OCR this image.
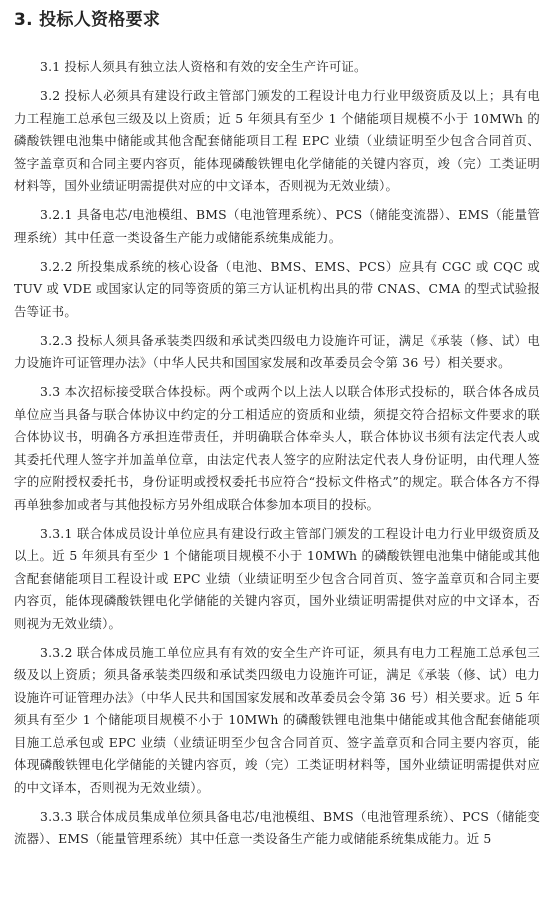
3. 投标人资格要求

3.1 投标人须具有独立法人资格和有效的安全生产许可证。

3.2 投标人必须具有建设行政主管部门颁发的工程设计电力行业甲级资质及以上；具有电力工程施工总承包三级及以上资质；近 5 年须具有至少 1 个储能项目规模不小于 10MWh 的磷酸铁锂电池集中储能或其他含配套储能项目工程 EPC 业绩（业绩证明至少包含合同首页、签字盖章页和合同主要内容页，能体现磷酸铁锂电化学储能的关键内容页，竣（完）工类证明材料等，国外业绩证明需提供对应的中文译本，否则视为无效业绩）。

3.2.1 具备电芯/电池模组、BMS（电池管理系统）、PCS（储能变流器）、EMS（能量管理系统）其中任意一类设备生产能力或储能系统集成能力。

3.2.2 所投集成系统的核心设备（电池、BMS、EMS、PCS）应具有 CGC 或 CQC 或 TUV 或 VDE 或国家认定的同等资质的第三方认证机构出具的带 CNAS、CMA 的型式试验报告等证书。

3.2.3 投标人须具备承装类四级和承试类四级电力设施许可证，满足《承装（修、试）电力设施许可证管理办法》（中华人民共和国国家发展和改革委员会令第 36 号）相关要求。

3.3 本次招标接受联合体投标。两个或两个以上法人以联合体形式投标的，联合体各成员单位应当具备与联合体协议中约定的分工相适应的资质和业绩，须提交符合招标文件要求的联合体协议书，明确各方承担连带责任，并明确联合体牵头人，联合体协议书须有法定代表人或其委托代理人签字并加盖单位章，由法定代表人签字的应附法定代表人身份证明，由代理人签字的应附授权委托书，身份证明或授权委托书应符合“投标文件格式”的规定。联合体各方不得再单独参加或者与其他投标方另外组成联合体参加本项目的投标。

3.3.1 联合体成员设计单位应具有建设行政主管部门颁发的工程设计电力行业甲级资质及以上。近 5 年须具有至少 1 个储能项目规模不小于 10MWh 的磷酸铁锂电池集中储能或其他含配套储能项目工程设计或 EPC 业绩（业绩证明至少包含合同首页、签字盖章页和合同主要内容页，能体现磷酸铁锂电化学储能的关键内容页，国外业绩证明需提供对应的中文译本，否则视为无效业绩）。

3.3.2 联合体成员施工单位应具有有效的安全生产许可证，须具有电力工程施工总承包三级及以上资质；须具备承装类四级和承试类四级电力设施许可证，满足《承装（修、试）电力设施许可证管理办法》（中华人民共和国国家发展和改革委员会令第 36 号）相关要求。近 5 年须具有至少 1 个储能项目规模不小于 10MWh 的磷酸铁锂电池集中储能或其他含配套储能项目施工总承包或 EPC 业绩（业绩证明至少包含合同首页、签字盖章页和合同主要内容页，能体现磷酸铁锂电化学储能的关键内容页，竣（完）工类证明材料等，国外业绩证明需提供对应的中文译本，否则视为无效业绩）。

3.3.3 联合体成员集成单位须具备电芯/电池模组、BMS（电池管理系统）、PCS（储能变流器）、EMS（能量管理系统）其中任意一类设备生产能力或储能系统集成能力。近 5
